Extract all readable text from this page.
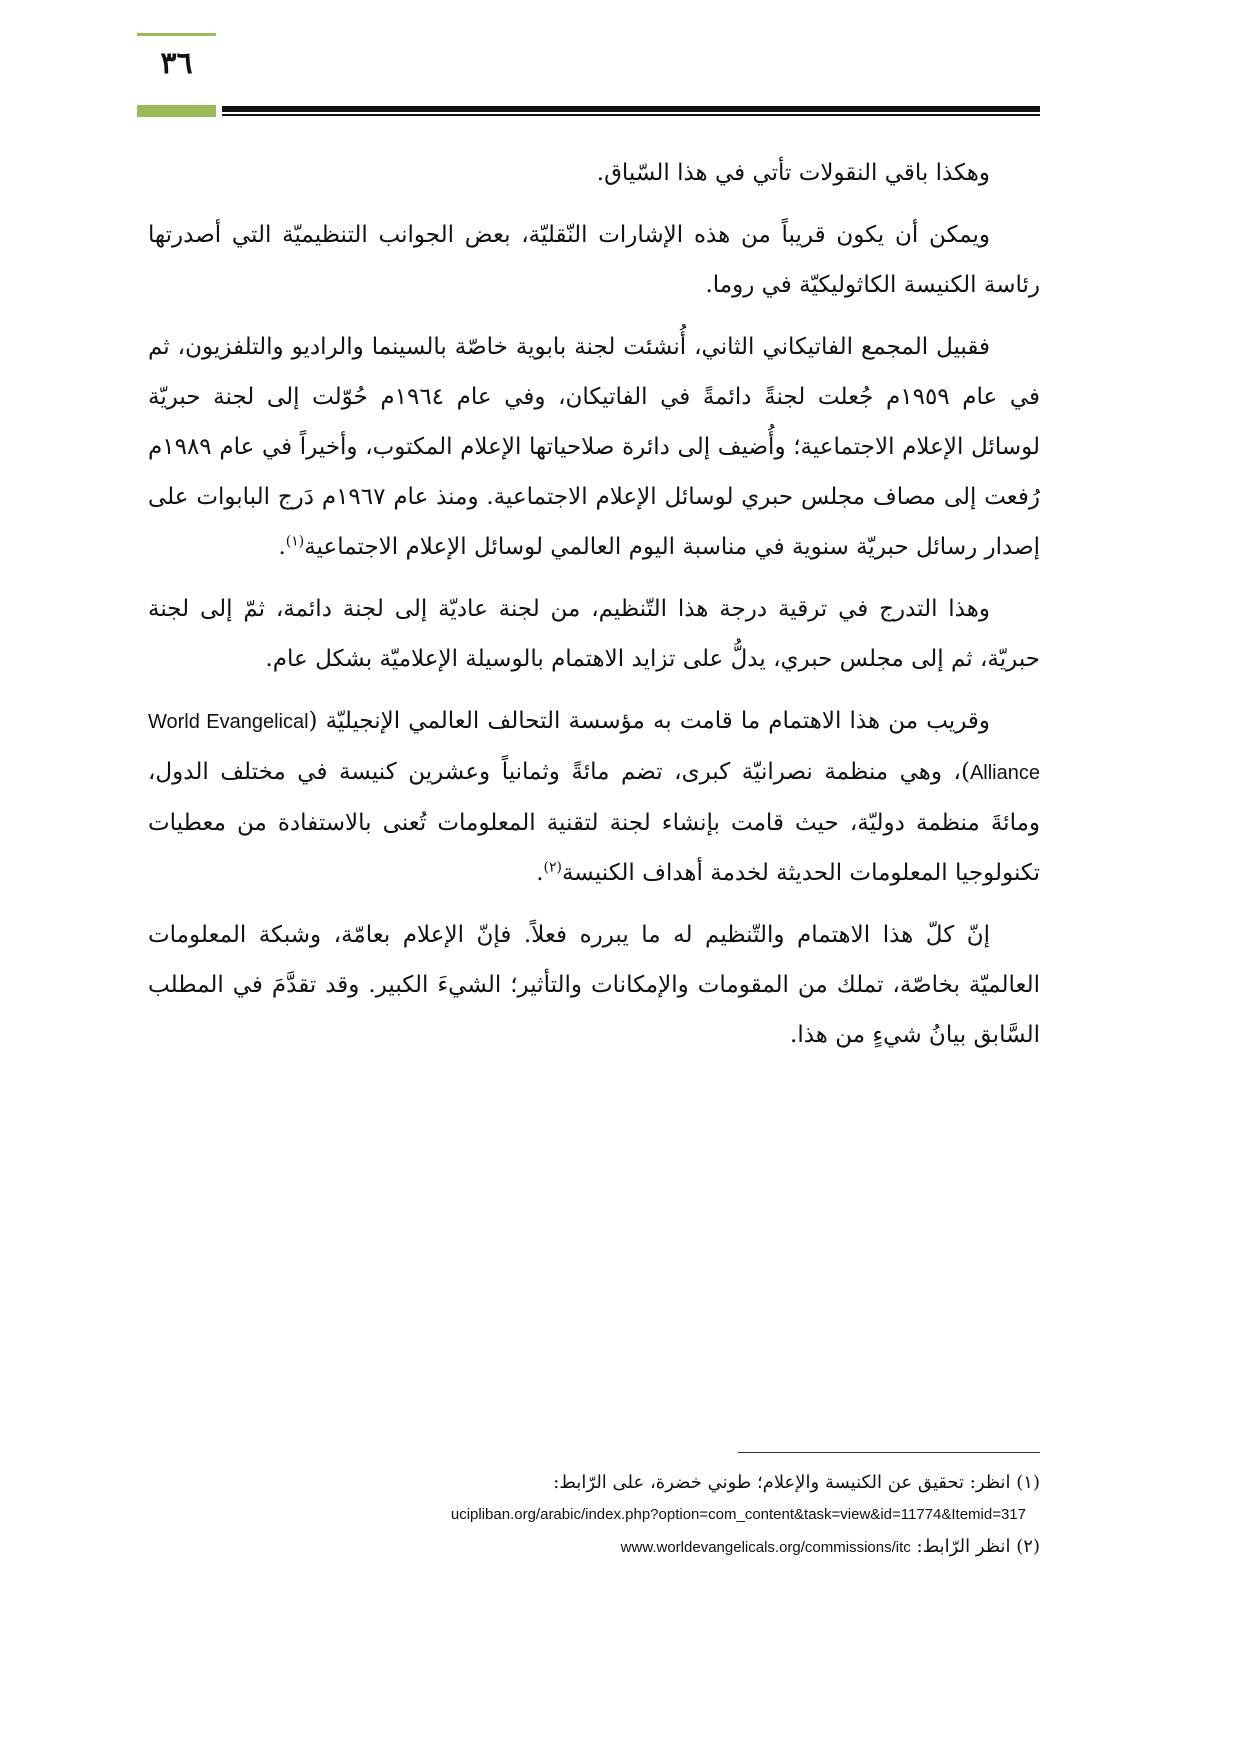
٣٦

وهكذا باقي النقولات تأتي في هذا السّياق.

ويمكن أن يكون قريباً من هذه الإشارات النّقليّة، بعض الجوانب التنظيميّة التي أصدرتها رئاسة الكنيسة الكاثوليكيّة في روما.

فقبيل المجمع الفاتيكاني الثاني، أُنشئت لجنة بابوية خاصّة بالسينما والراديو والتلفزيون، ثم في عام ١٩٥٩م جُعلت لجنةً دائمةً في الفاتيكان، وفي عام ١٩٦٤م حُوّلت إلى لجنة حبريّة لوسائل الإعلام الاجتماعية؛ وأُضيف إلى دائرة صلاحياتها الإعلام المكتوب، وأخيراً في عام ١٩٨٩م رُفعت إلى مصاف مجلس حبري لوسائل الإعلام الاجتماعية. ومنذ عام ١٩٦٧م دَرج البابوات على إصدار رسائل حبريّة سنوية في مناسبة اليوم العالمي لوسائل الإعلام الاجتماعية$^{(١)}$.

وهذا التدرج في ترقية درجة هذا التّنظيم، من لجنة عاديّة إلى لجنة دائمة، ثمّ إلى لجنة حبريّة، ثم إلى مجلس حبري، يدلُّ على تزايد الاهتمام بالوسيلة الإعلاميّة بشكل عام.

وقريب من هذا الاهتمام ما قامت به مؤسسة التحالف العالمي الإنجيليّة (World Evangelical Alliance)، وهي منظمة نصرانيّة كبرى، تضم مائةً وثمانياً وعشرين كنيسة في مختلف الدول، ومائةَ منظمة دوليّة، حيث قامت بإنشاء لجنة لتقنية المعلومات تُعنى بالاستفادة من معطيات تكنولوجيا المعلومات الحديثة لخدمة أهداف الكنيسة$^{(٢)}$.

إنّ كلّ هذا الاهتمام والتّنظيم له ما يبرره فعلاً. فإنّ الإعلام بعامّة، وشبكة المعلومات العالميّة بخاصّة، تملك من المقومات والإمكانات والتأثير؛ الشيءَ الكبير. وقد تقدَّمَ في المطلب السَّابق بيانُ شيءٍ من هذا.

(١) انظر: تحقيق عن الكنيسة والإعلام؛ طوني خضرة، على الرّابط:
ucipliban.org/arabic/index.php?option=com_content&task=view&id=11774&Itemid=317
(٢) انظر الرّابط: www.worldevangelicals.org/commissions/itc
